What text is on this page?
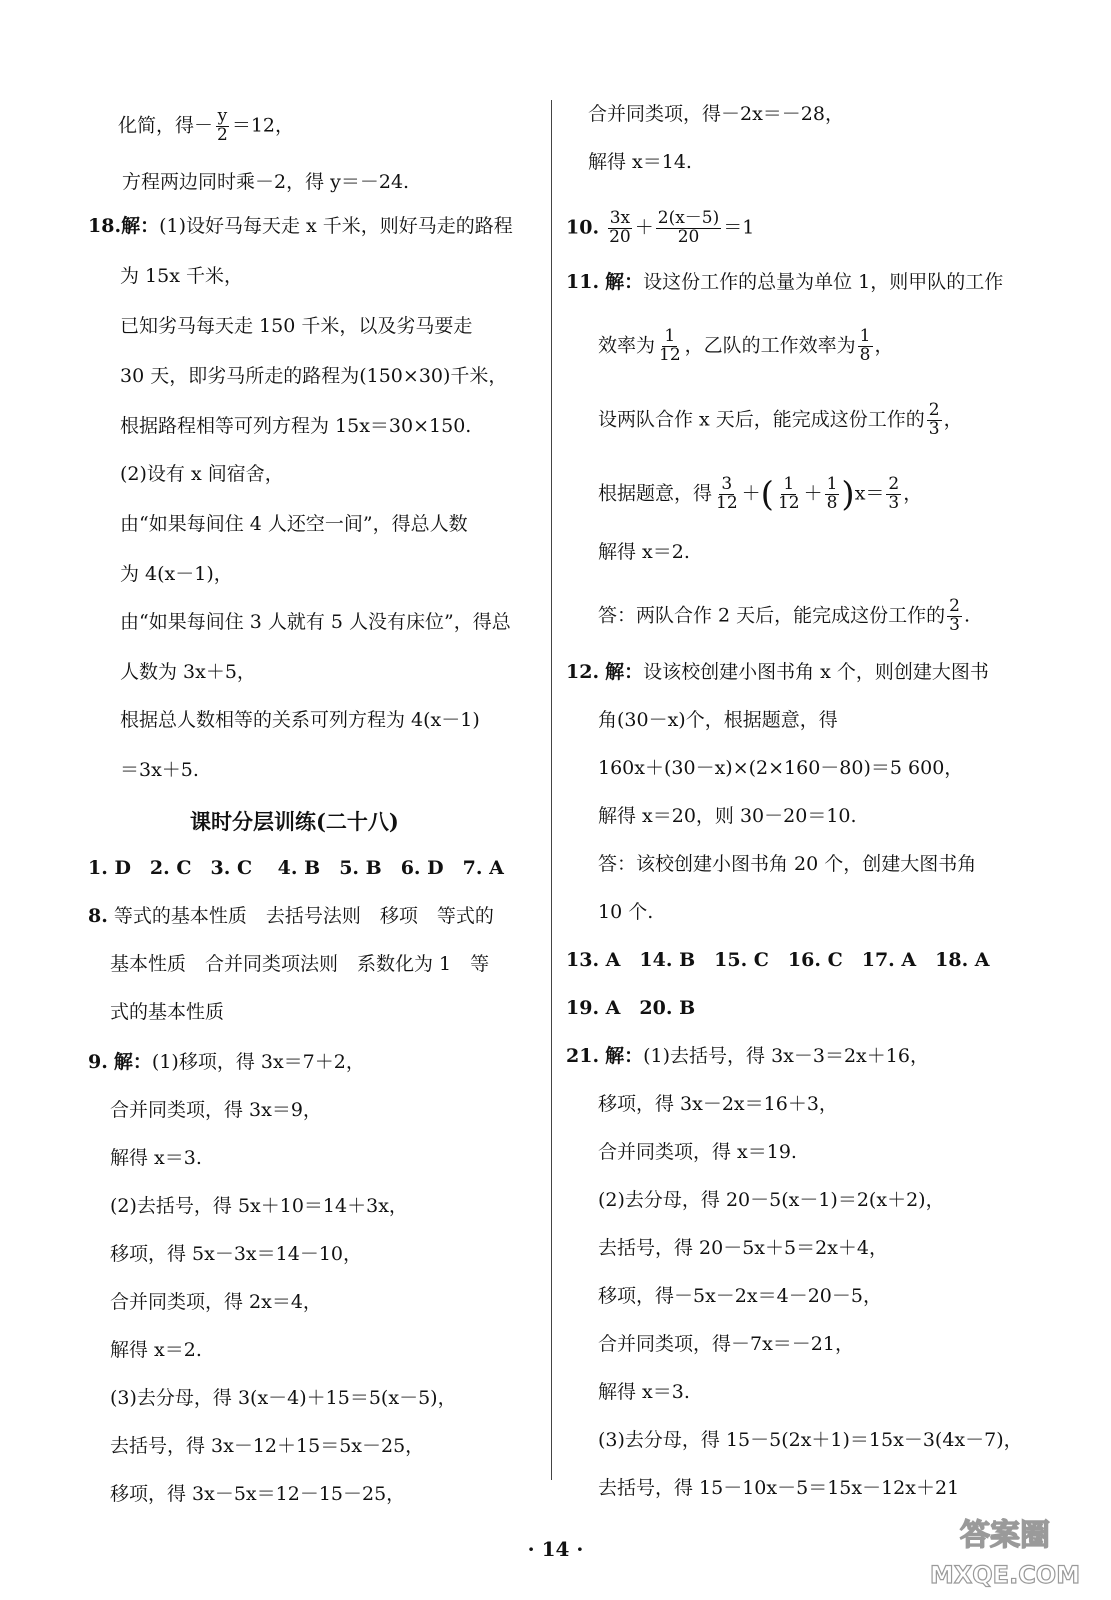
化简，得－ $\frac{y}{2} =12$，
方程两边同时乘－2，得 y＝－24.
18.解：(1)设好马每天走 x 千米，则好马走的路程
为 15x 千米，
已知劣马每天走 150 千米，以及劣马要走
30 天，即劣马所走的路程为(150×30)千米，
根据路程相等可列方程为 15x＝30×150.
(2)设有 x 间宿舍，
由“如果每间住 4 人还空一间”，得总人数
为 4(x－1)，
由“如果每间住 3 人就有 5 人没有床位”，得总
人数为 3x＋5，
根据总人数相等的关系可列方程为 4(x－1)
＝3x＋5.
课时分层训练(二十八)
1. D　2. C　3. C　 4. B　5. B　6. D　7. A
8. 等式的基本性质　去括号法则　移项　等式的
基本性质　合并同类项法则　系数化为 1　等
式的基本性质
9. 解：(1)移项，得 3x＝7＋2，
合并同类项，得 3x＝9，
解得 x＝3.
(2)去括号，得 5x＋10＝14＋3x，
移项，得 5x－3x＝14－10，
合并同类项，得 2x＝4，
解得 x＝2.
(3)去分母，得 3(x－4)＋15＝5(x－5)，
去括号，得 3x－12＋15＝5x－25，
移项，得 3x－5x＝12－15－25，
合并同类项，得－2x＝－28，
解得 x＝14.
10. $\frac{3x}{20} + \frac{2(x-5)}{20} =1$
11. 解：设这份工作的总量为单位 1，则甲队的工作
效率为 $\frac{1}{12}$ ，乙队的工作效率为 $\frac{1}{8}$ ，
设两队合作 x 天后，能完成这份工作的 $\frac{2}{3}$ ，
根据题意，得 $\frac{3}{12}$ ＋( $\frac{1}{12} + \frac{1}{8} )x= \frac{2}{3}$ ，
解得 x＝2.
答：两队合作 2 天后，能完成这份工作的 $\frac{2}{3}$ .
12. 解：设该校创建小图书角 x 个，则创建大图书
角(30－x)个，根据题意，得
160x＋(30－x)×(2×160－80)＝5 600，
解得 x＝20，则 30－20＝10.
答：该校创建小图书角 20 个，创建大图书角
10 个.
13. A　14. B　15. C　16. C　17. A　18. A
19. A　20. B
21. 解：(1)去括号，得 3x－3＝2x＋16，
移项，得 3x－2x＝16＋3，
合并同类项，得 x＝19.
(2)去分母，得 20－5(x－1)＝2(x＋2)，
去括号，得 20－5x＋5＝2x＋4，
移项，得－5x－2x＝4－20－5，
合并同类项，得－7x＝－21，
解得 x＝3.
(3)去分母，得 15－5(2x＋1)＝15x－3(4x－7)，
去括号，得 15－10x－5＝15x－12x＋21
· 14 ·	答案圈
MXQE.COM
